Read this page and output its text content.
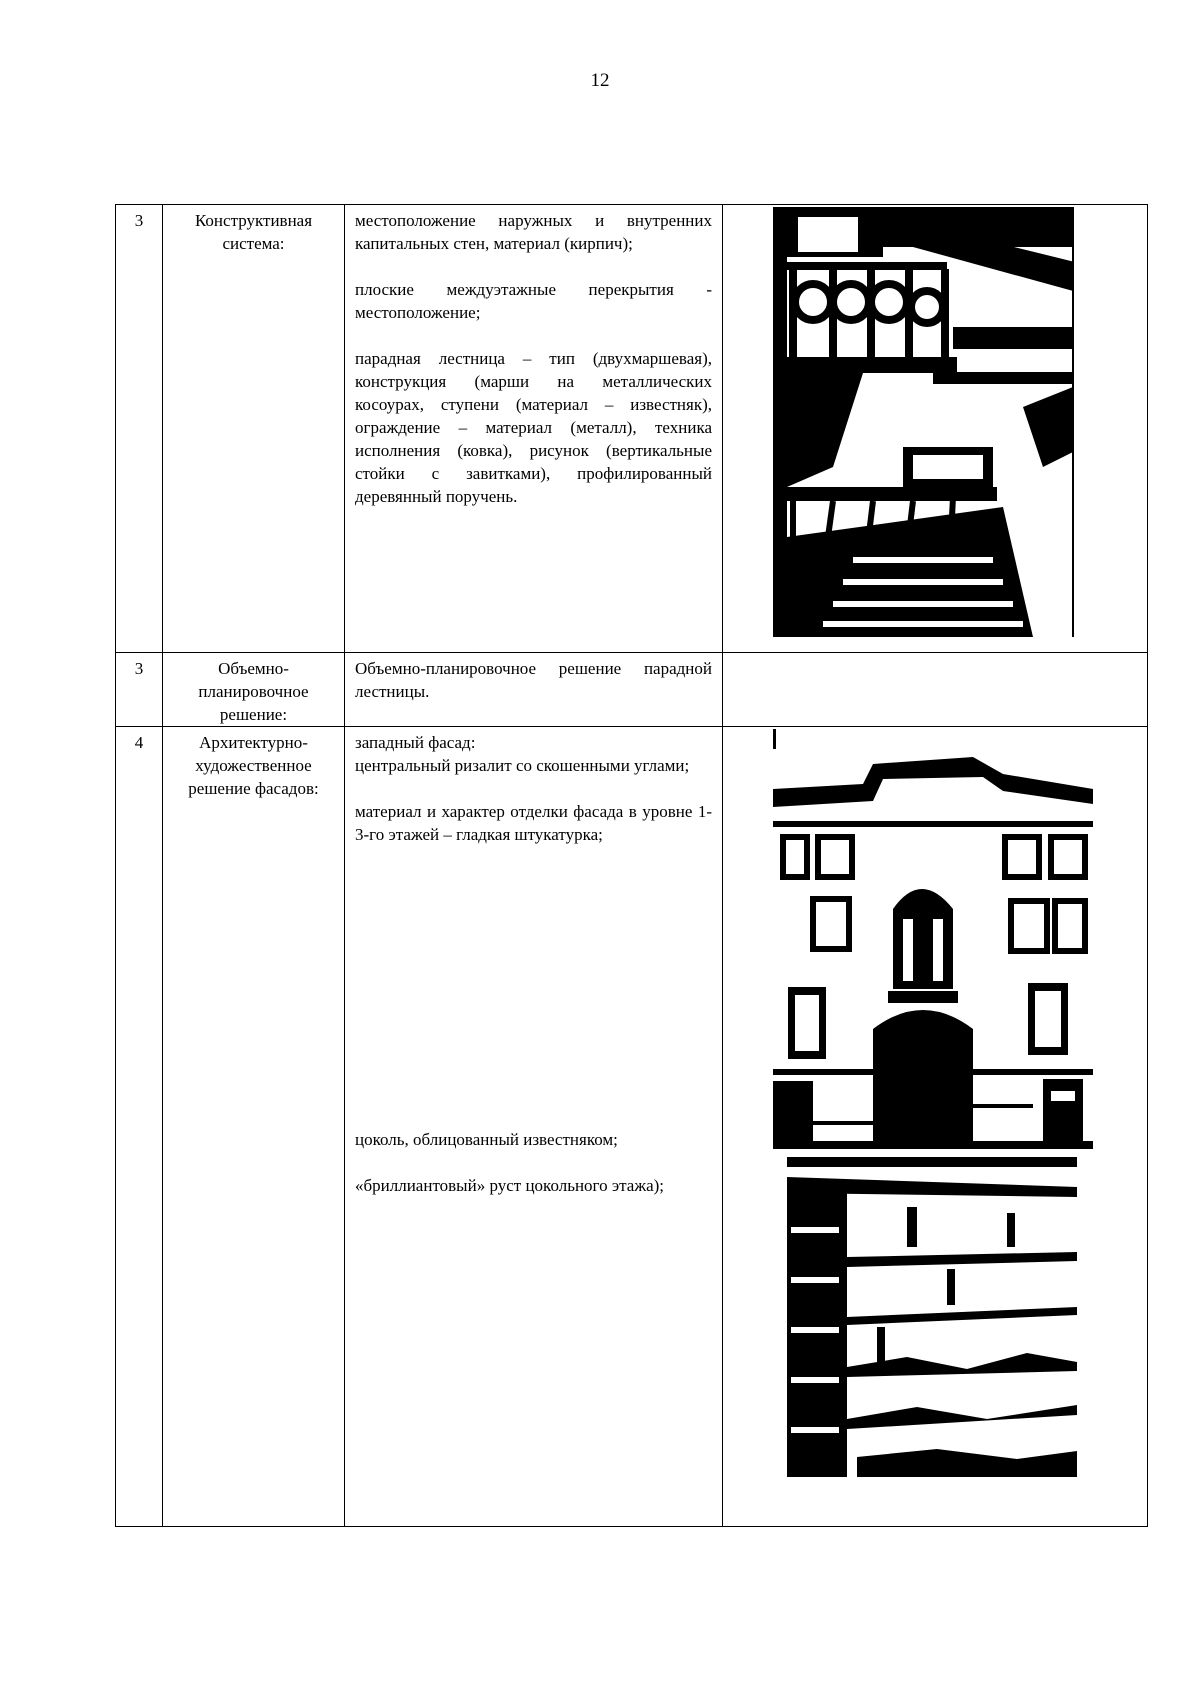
12
3	Конструктивная система:	местоположение наружных и внутренних капитальных стен, материал (кирпич);

плоские междуэтажные перекрытия - местоположение;

парадная лестница – тип (двухмаршевая), конструкция (марши на металлических косоурах, ступени (материал – известняк), ограждение – материал (металл), техника исполнения (ковка), рисунок (вертикальные стойки с завитками), профилированный деревянный поручень.

3	Объемно-планировочное решение:	Объемно-планировочное решение парадной лестницы.	

4	Архитектурно-художественное решение фасадов:	западный фасад:

центральный ризалит со скошенными углами;

материал и характер отделки фасада в уровне 1-3-го этажей – гладкая штукатурка;

цоколь, облицованный известняком;

«бриллиантовый» руст цокольного этажа);
